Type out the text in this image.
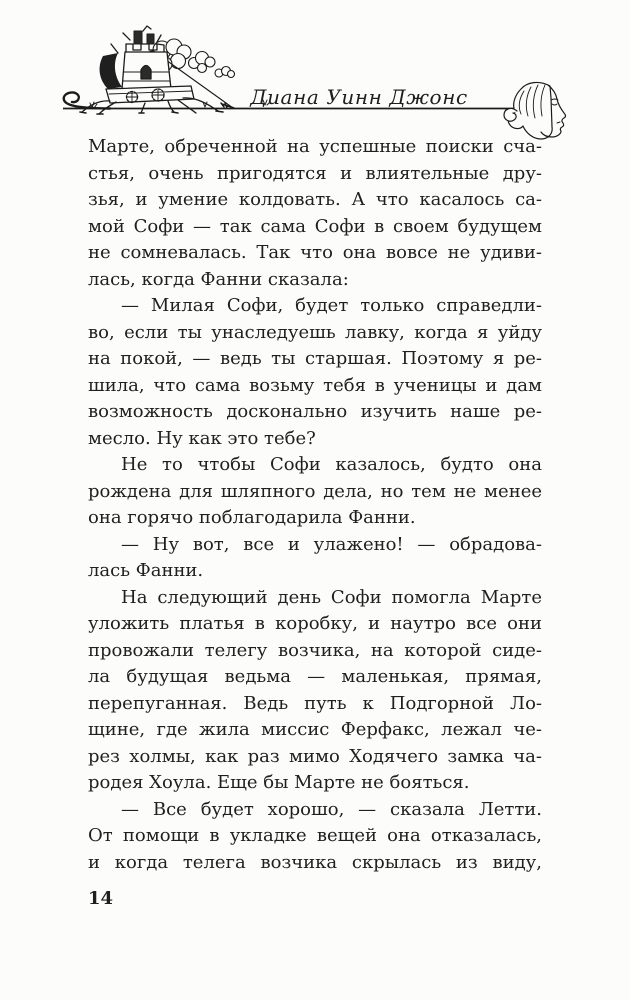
Диана Уинн Джонс
Марте, обреченной на успешные поиски сча-
стья, очень пригодятся и влиятельные дру-
зья, и умение колдовать. А что касалось са-
мой Софи — так сама Софи в своем будущем
не сомневалась. Так что она вовсе не удиви-
лась, когда Фанни сказала:
— Милая Софи, будет только справедли-
во, если ты унаследуешь лавку, когда я уйду
на покой, — ведь ты старшая. Поэтому я ре-
шила, что сама возьму тебя в ученицы и дам
возможность досконально изучить наше ре-
месло. Ну как это тебе?
Не то чтобы Софи казалось, будто она
рождена для шляпного дела, но тем не менее
она горячо поблагодарила Фанни.
— Ну вот, все и улажено! — обрадова-
лась Фанни.
На следующий день Софи помогла Марте
уложить платья в коробку, и наутро все они
провожали телегу возчика, на которой сиде-
ла будущая ведьма — маленькая, прямая,
перепуганная. Ведь путь к Подгорной Ло-
щине, где жила миссис Ферфакс, лежал че-
рез холмы, как раз мимо Ходячего замка ча-
родея Хоула. Еще бы Марте не бояться.
— Все будет хорошо, — сказала Летти.
От помощи в укладке вещей она отказалась,
и когда телега возчика скрылась из виду,
14
